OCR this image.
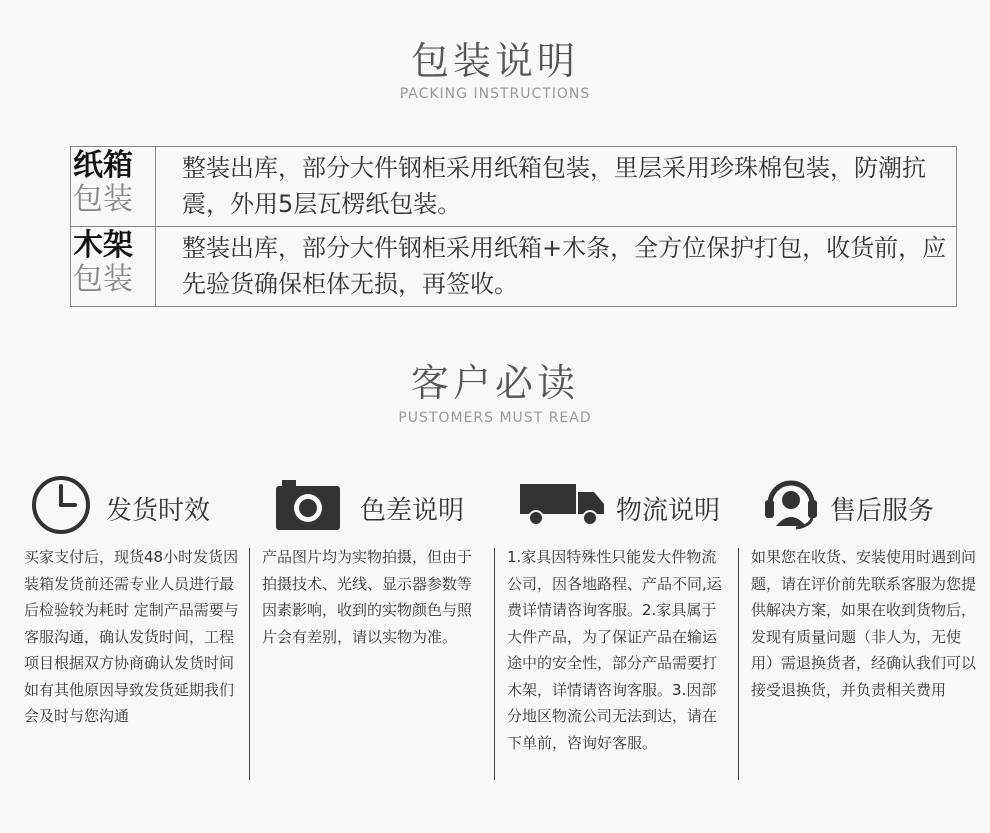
包装说明
PACKING INSTRUCTIONS
纸箱
包装	整装出库，部分大件钢柜采用纸箱包装，里层采用珍珠棉包装，防潮抗震，外用5层瓦楞纸包装。

木架
包装	整装出库，部分大件钢柜采用纸箱+木条，全方位保护打包，收货前，应先验货确保柜体无损，再签收。
客户必读
PUSTOMERS MUST READ
发货时效	色差说明	物流说明	售后服务
买家支付后，现货48小时发货因装箱发货前还需专业人员进行最后检验较为耗时 定制产品需要与客服沟通，确认发货时间，工程项目根据双方协商确认发货时间如有其他原因导致发货延期我们会及时与您沟通
产品图片均为实物拍摄，但由于拍摄技术、光线、显示器参数等因素影响，收到的实物颜色与照片会有差别，请以实物为准。
1.家具因特殊性只能发大件物流公司，因各地路程、产品不同,运费详情请咨询客服。2.家具属于大件产品，为了保证产品在输运途中的安全性，部分产品需要打木架，详情请咨询客服。3.因部分地区物流公司无法到达，请在下单前，咨询好客服。
如果您在收货、安装使用时遇到问题，请在评价前先联系客服为您提供解决方案，如果在收到货物后，发现有质量问题（非人为，无使用）需退换货者，经确认我们可以接受退换货，并负责相关费用
